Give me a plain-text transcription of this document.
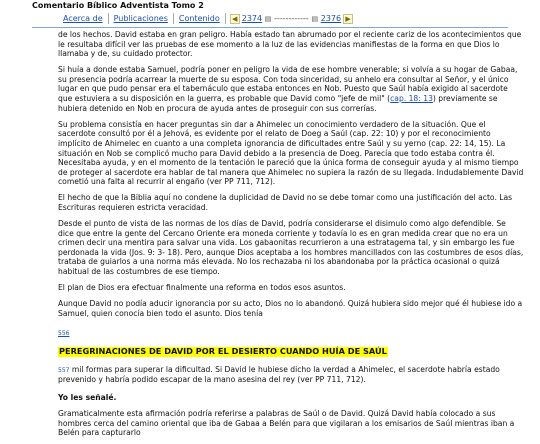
Comentario Bíblico Adventista Tomo 2
Acerca de	Publicaciones	Contenido	◀ 2374 ▤ ------------ ▤ 2376 ▶

de los hechos. David estaba en gran peligro. Había estado tan abrumado por el reciente cariz de los acontecimientos que le resultaba difícil ver las pruebas de ese momento a la luz de las evidencias manifiestas de la forma en que Dios lo llamaba y de, su cuidado protector.

Si huía a donde estaba Samuel, podría poner en peligro la vida de ese hombre venerable; si volvía a su hogar de Gabaa, su presencia podría acarrear la muerte de su esposa. Con toda sinceridad, su anhelo era consultar al Señor, y el único lugar en que pudo pensar era el tabernáculo que estaba entonces en Nob. Puesto que Saúl había exigido al sacerdote que estuviera a su disposición en la guerra, es probable que David como "jefe de mil" (cap. 18: 13) previamente se hubiera detenido en Nob en procura de ayuda antes de proseguir con sus correrías.

Su problema consistía en hacer preguntas sin dar a Ahimelec un conocimiento verdadero de la situación. Que el sacerdote consultó por él a Jehová, es evidente por el relato de Doeg a Saúl (cap. 22: 10) y por el reconocimiento implícito de Ahimelec en cuanto a una completa ignorancia de dificultades entre Saúl y su yerno (cap. 22: 14, 15). La situación en Nob se complicó mucho para David debido a la presencia de Doeg. Parecía que todo estaba contra él. Necesitaba ayuda, y en el momento de la tentación le pareció que la única forma de conseguir ayuda y al mismo tiempo de proteger al sacerdote era hablar de tal manera que Ahimelec no supiera la razón de su llegada. Indudablemente David cometió una falta al recurrir al engaño (ver PP 711, 712).

El hecho de que la Biblia aquí no condene la duplicidad de David no se debe tomar como una justificación del acto. Las Escrituras requieren estricta veracidad.

Desde el punto de vista de las normas de los días de David, podría considerarse el disimulo como algo defendible. Se dice que entre la gente del Cercano Oriente era moneda corriente y todavía lo es en gran medida crear que no era un crimen decir una mentira para salvar una vida. Los gabaonitas recurrieron a una estratagema tal, y sin embargo les fue perdonada la vida (Jos. 9: 3- 18). Pero, aunque Dios aceptaba a los hombres mancillados con las costumbres de esos días, trataba de guiarlos a una norma más elevada. No los rechazaba ni los abandonaba por la práctica ocasional o quizá habitual de las costumbres de ese tiempo.

El plan de Dios era efectuar finalmente una reforma en todos esos asuntos.

Aunque David no podía aducir ignorancia por su acto, Dios no lo abandonó. Quizá hubiera sido mejor qué él hubiese ido a Samuel, quien conocía bien todo el asunto. Dios tenía

556

PEREGRINACIONES DE DAVID POR EL DESIERTO CUANDO HUÍA DE SAÚL

557 mil formas para superar la dificultad. Si David le hubiese dicho la verdad a Ahimelec, el sacerdote habría estado prevenido y habría podido escapar de la mano asesina del rey (ver PP 711, 712).

Yo les señalé.

Gramaticalmente esta afirmación podría referirse a palabras de Saúl o de David. Quizá David había colocado a sus hombres cerca del camino oriental que iba de Gabaa a Belén para que vigilaran a los emisarios de Saúl mientras iban a Belén para capturarlo
